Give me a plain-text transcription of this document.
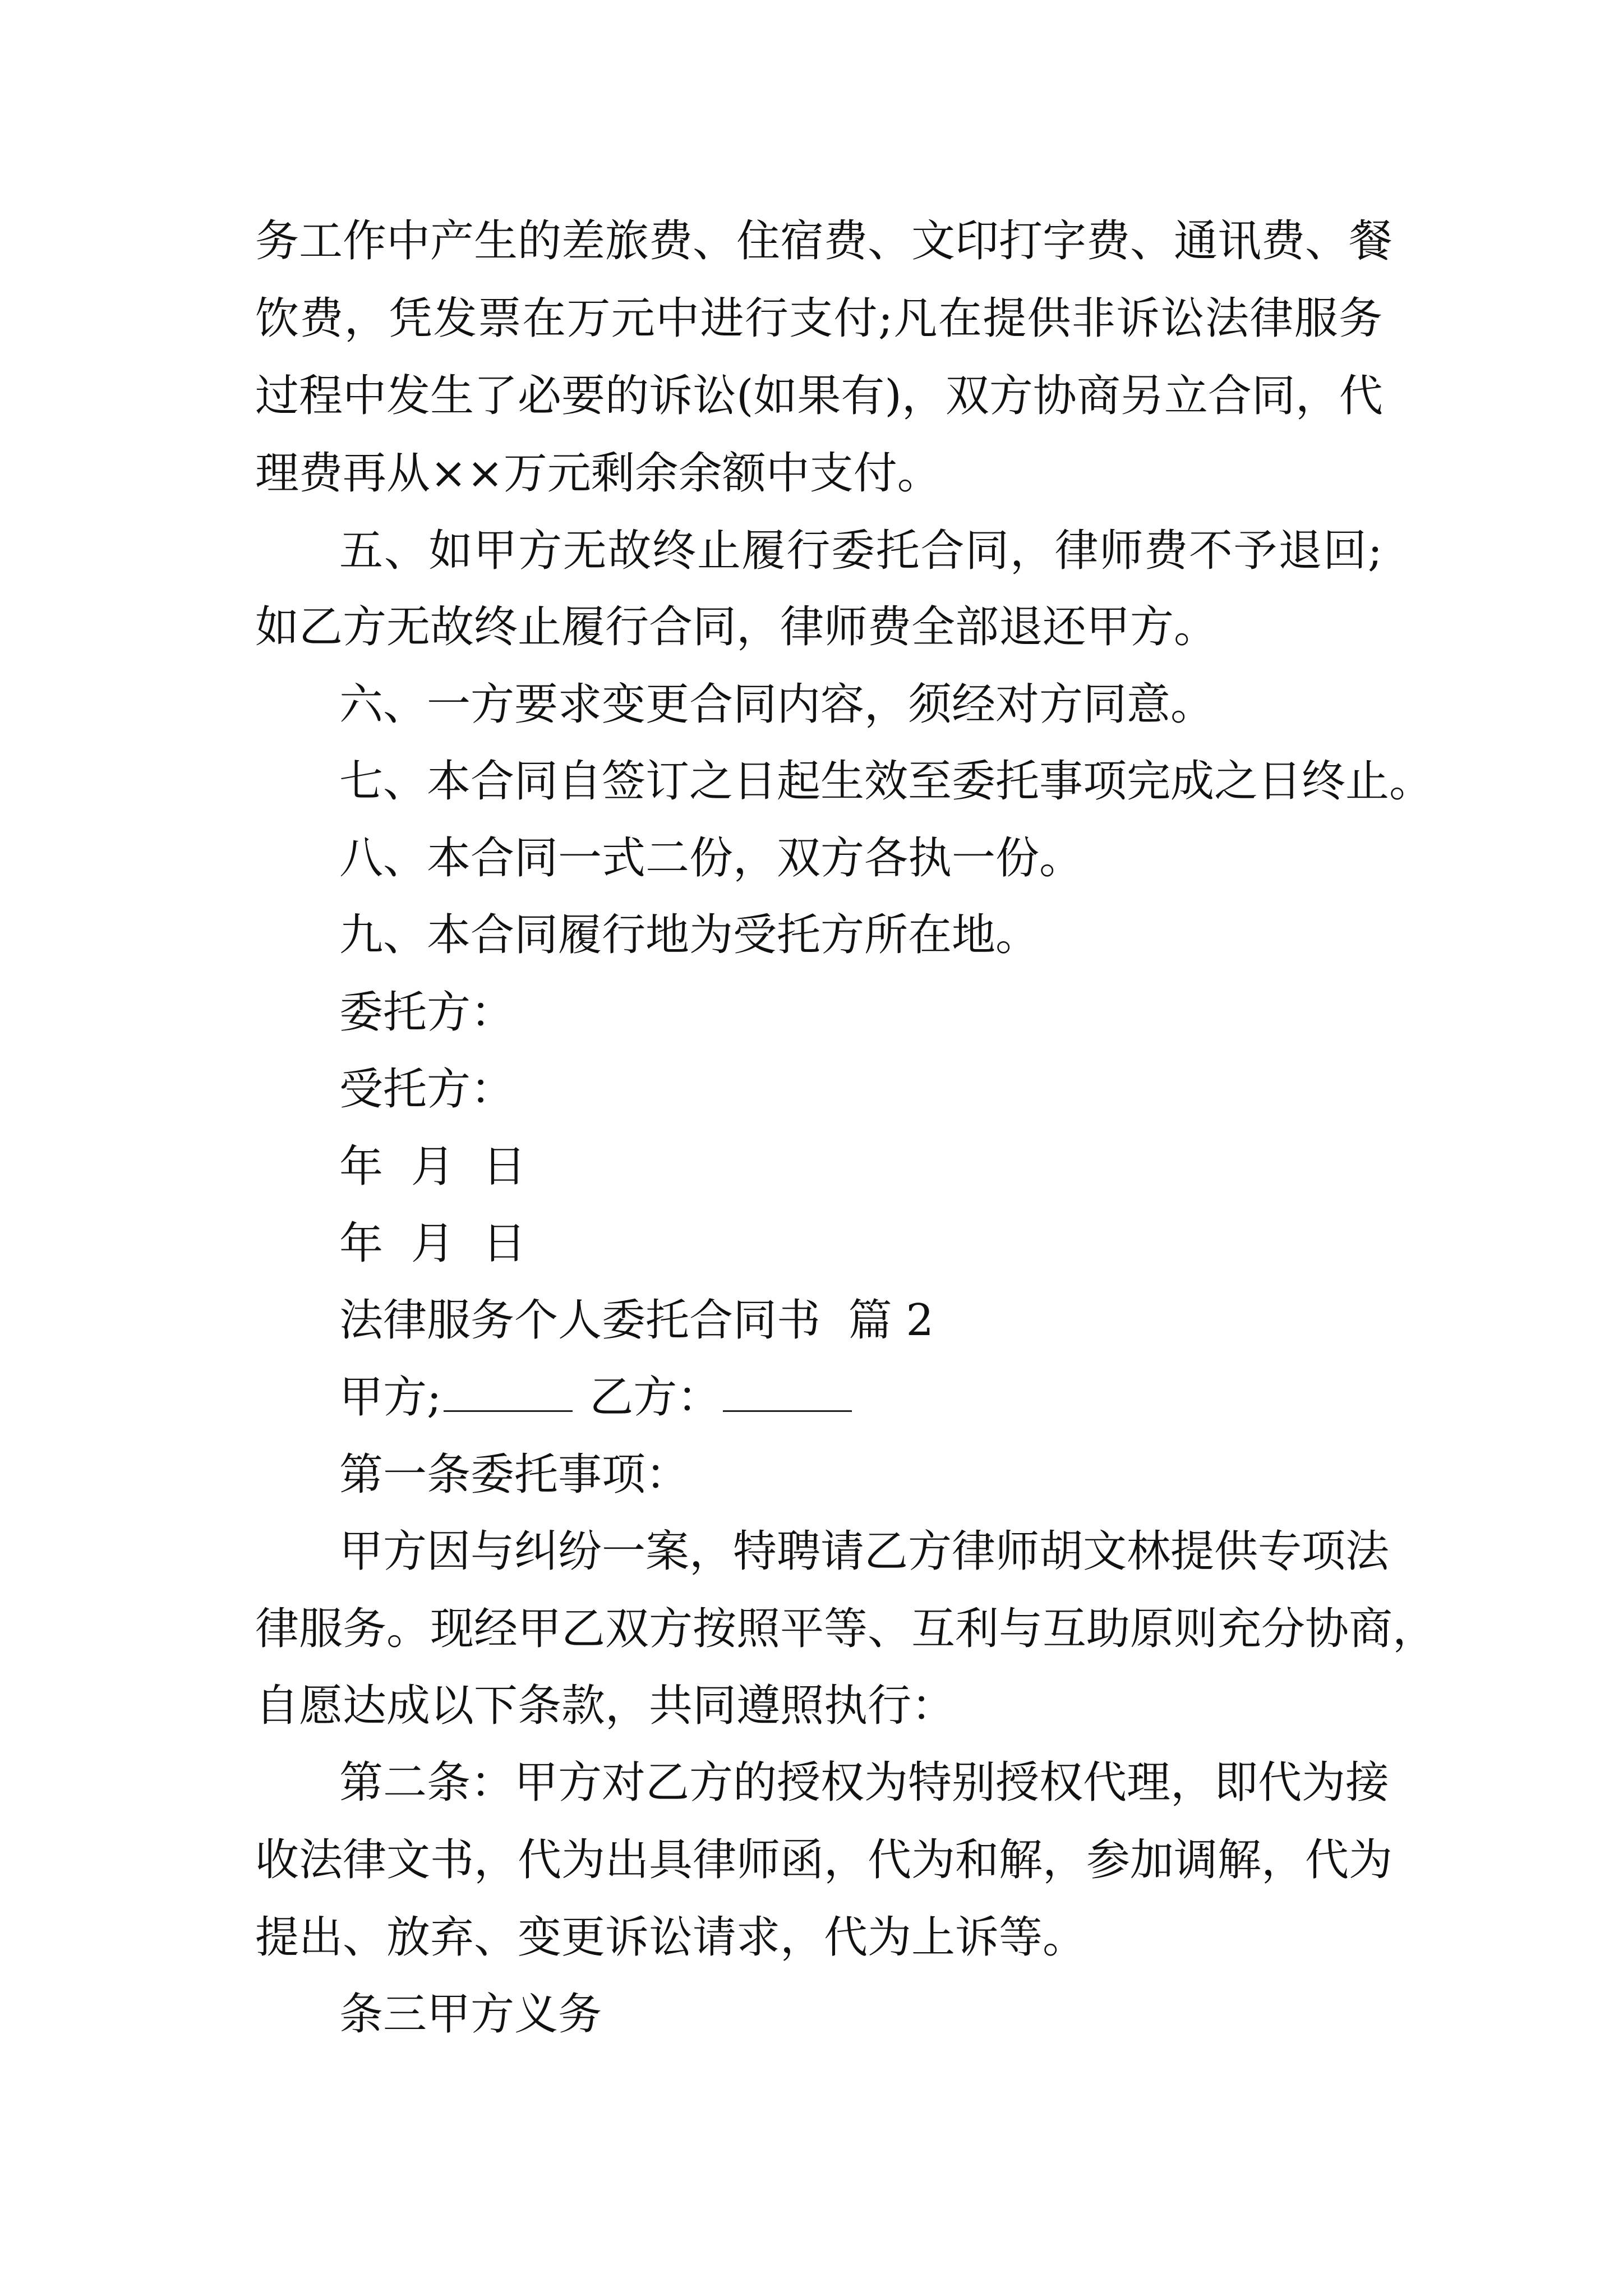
务工作中产生的差旅费、住宿费、文印打字费、通讯费、餐
饮费，凭发票在万元中进行支付;凡在提供非诉讼法律服务
过程中发生了必要的诉讼(如果有)，双方协商另立合同，代
理费再从××万元剩余余额中支付。
五、如甲方无故终止履行委托合同，律师费不予退回;
如乙方无故终止履行合同，律师费全部退还甲方。
六、一方要求变更合同内容，须经对方同意。
七、本合同自签订之日起生效至委托事项完成之日终止。
八、本合同一式二份，双方各执一份。
九、本合同履行地为受托方所在地。
委托方：
受托方：
年  月  日
年  月  日
法律服务个人委托合同书  篇 2
甲方;	乙方：
第一条委托事项：
甲方因与纠纷一案，特聘请乙方律师胡文林提供专项法
律服务。现经甲乙双方按照平等、互利与互助原则充分协商，
自愿达成以下条款，共同遵照执行：
第二条：甲方对乙方的授权为特别授权代理，即代为接
收法律文书，代为出具律师函，代为和解，参加调解，代为
提出、放弃、变更诉讼请求，代为上诉等。
条三甲方义务
